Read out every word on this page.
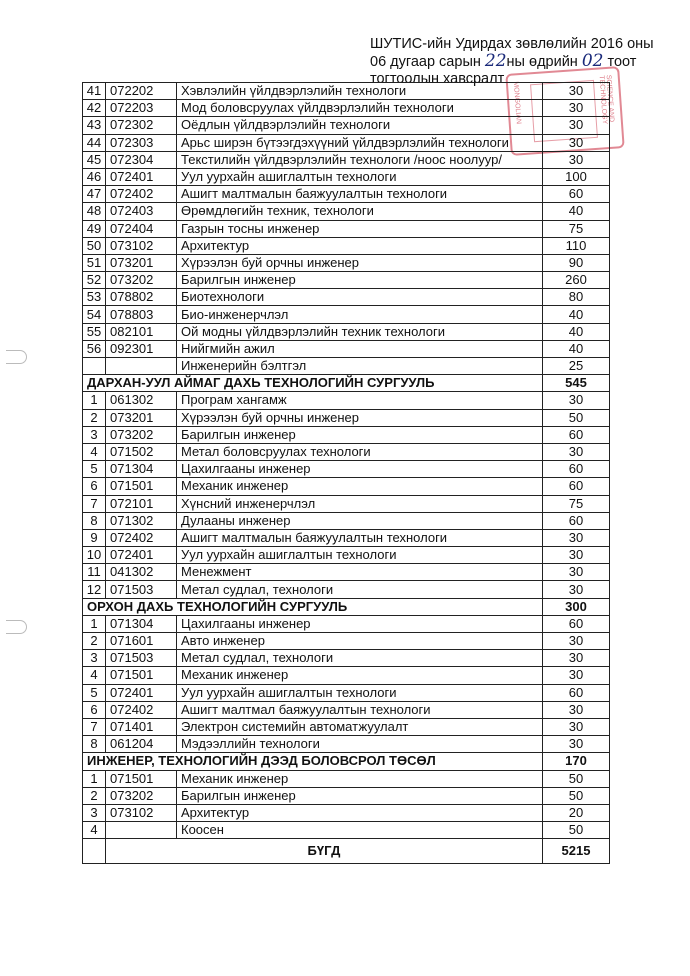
ШУТИС-ийн Удирдах зөвлөлийн 2016 оны
06 дугаар сарын 22ны өдрийн 02 тоот
тогтоолын хавсралт
MONGOLIAN	SCIENCE AND TECHNOLOGY
41	072202	Хэвлэлийн үйлдвэрлэлийн технологи	30
42	072203	Мод боловсруулах үйлдвэрлэлийн технологи	30
43	072302	Оёдлын үйлдвэрлэлийн технологи	30
44	072303	Арьс ширэн бүтээгдэхүүний үйлдвэрлэлийн технологи	30
45	072304	Текстилийн үйлдвэрлэлийн технологи /ноос ноолуур/	30
46	072401	Уул уурхайн ашиглалтын технологи	100
47	072402	Ашигт малтмалын баяжуулалтын технологи	60
48	072403	Өрөмдлөгийн техник, технологи	40
49	072404	Газрын тосны инженер	75
50	073102	Архитектур	110
51	073201	Хүрээлэн буй орчны инженер	90
52	073202	Барилгын инженер	260
53	078802	Биотехнологи	80
54	078803	Био-инженерчлэл	40
55	082101	Ой модны үйлдвэрлэлийн техник технологи	40
56	092301	Нийгмийн ажил	40
		Инженерийн бэлтгэл	25
ДАРХАН-УУЛ АЙМАГ ДАХЬ ТЕХНОЛОГИЙН СУРГУУЛЬ			545
1	061302	Програм хангамж	30
2	073201	Хүрээлэн буй орчны инженер	50
3	073202	Барилгын инженер	60
4	071502	Метал боловсруулах технологи	30
5	071304	Цахилгааны инженер	60
6	071501	Механик инженер	60
7	072101	Хүнсний инженерчлэл	75
8	071302	Дулааны инженер	60
9	072402	Ашигт малтмалын баяжуулалтын технологи	30
10	072401	Уул уурхайн ашиглалтын технологи	30
11	041302	Менежмент	30
12	071503	Метал судлал, технологи	30
ОРХОН ДАХЬ ТЕХНОЛОГИЙН СУРГУУЛЬ			300
1	071304	Цахилгааны инженер	60
2	071601	Авто инженер	30
3	071503	Метал судлал, технологи	30
4	071501	Механик инженер	30
5	072401	Уул уурхайн ашиглалтын технологи	60
6	072402	Ашигт малтмал баяжуулалтын технологи	30
7	071401	Электрон системийн автоматжуулалт	30
8	061204	Мэдээллийн технологи	30
ИНЖЕНЕР, ТЕХНОЛОГИЙН ДЭЭД БОЛОВСРОЛ ТӨСӨЛ			170
1	071501	Механик инженер	50
2	073202	Барилгын инженер	50
3	073102	Архитектур	20
4		Коосен	50
	БҮГД		5215
